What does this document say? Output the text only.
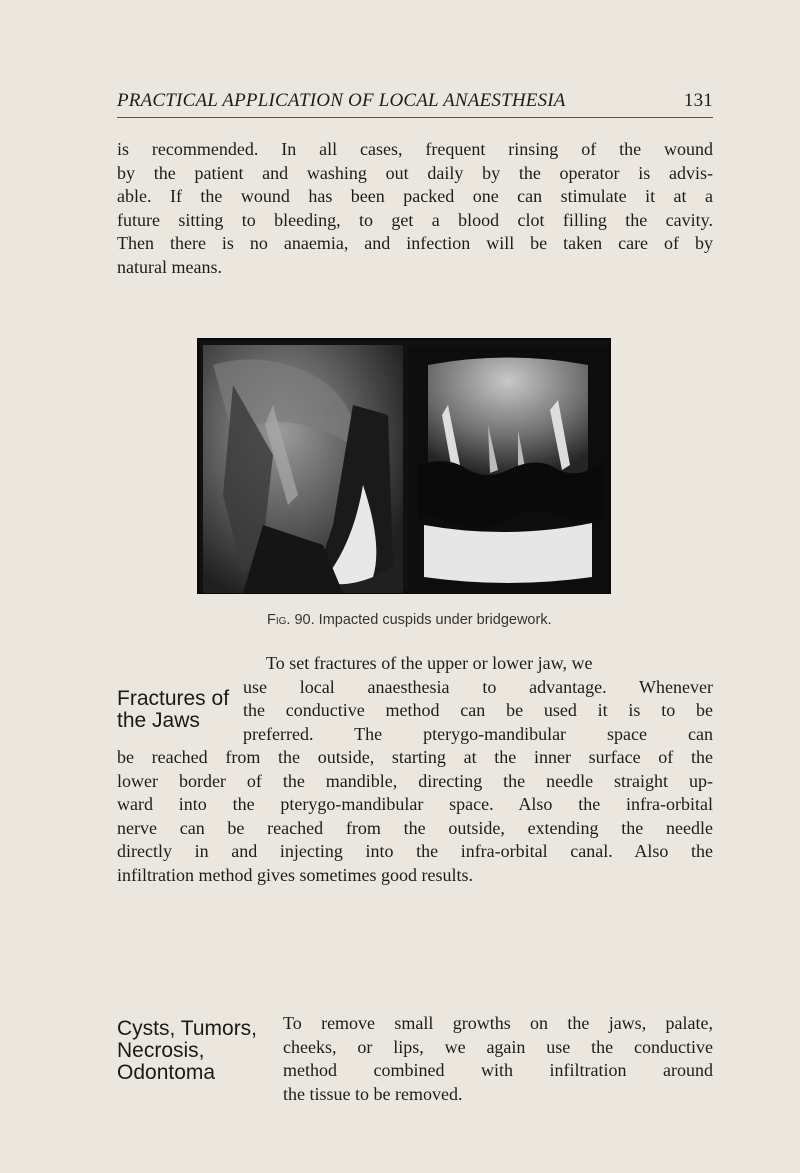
PRACTICAL APPLICATION OF LOCAL ANAESTHESIA	131
is recommended. In all cases, frequent rinsing of the wound
by the patient and washing out daily by the operator is advis-
able. If the wound has been packed one can stimulate it at a
future sitting to bleeding, to get a blood clot filling the cavity.
Then there is no anaemia, and infection will be taken care of by
natural means.
Fig. 90. Impacted cuspids under bridgework.
Fractures of
the Jaws
To set fractures of the upper or lower jaw, we
use local anaesthesia to advantage. Whenever
the conductive method can be used it is to be
preferred. The pterygo-mandibular space can
be reached from the outside, starting at the inner surface of the
lower border of the mandible, directing the needle straight up-
ward into the pterygo-mandibular space. Also the infra-orbital
nerve can be reached from the outside, extending the needle
directly in and injecting into the infra-orbital canal. Also the
infiltration method gives sometimes good results.
Cysts, Tumors,
Necrosis,
Odontoma
To remove small growths on the jaws, palate,
cheeks, or lips, we again use the conductive
method combined with infiltration around
the tissue to be removed.
